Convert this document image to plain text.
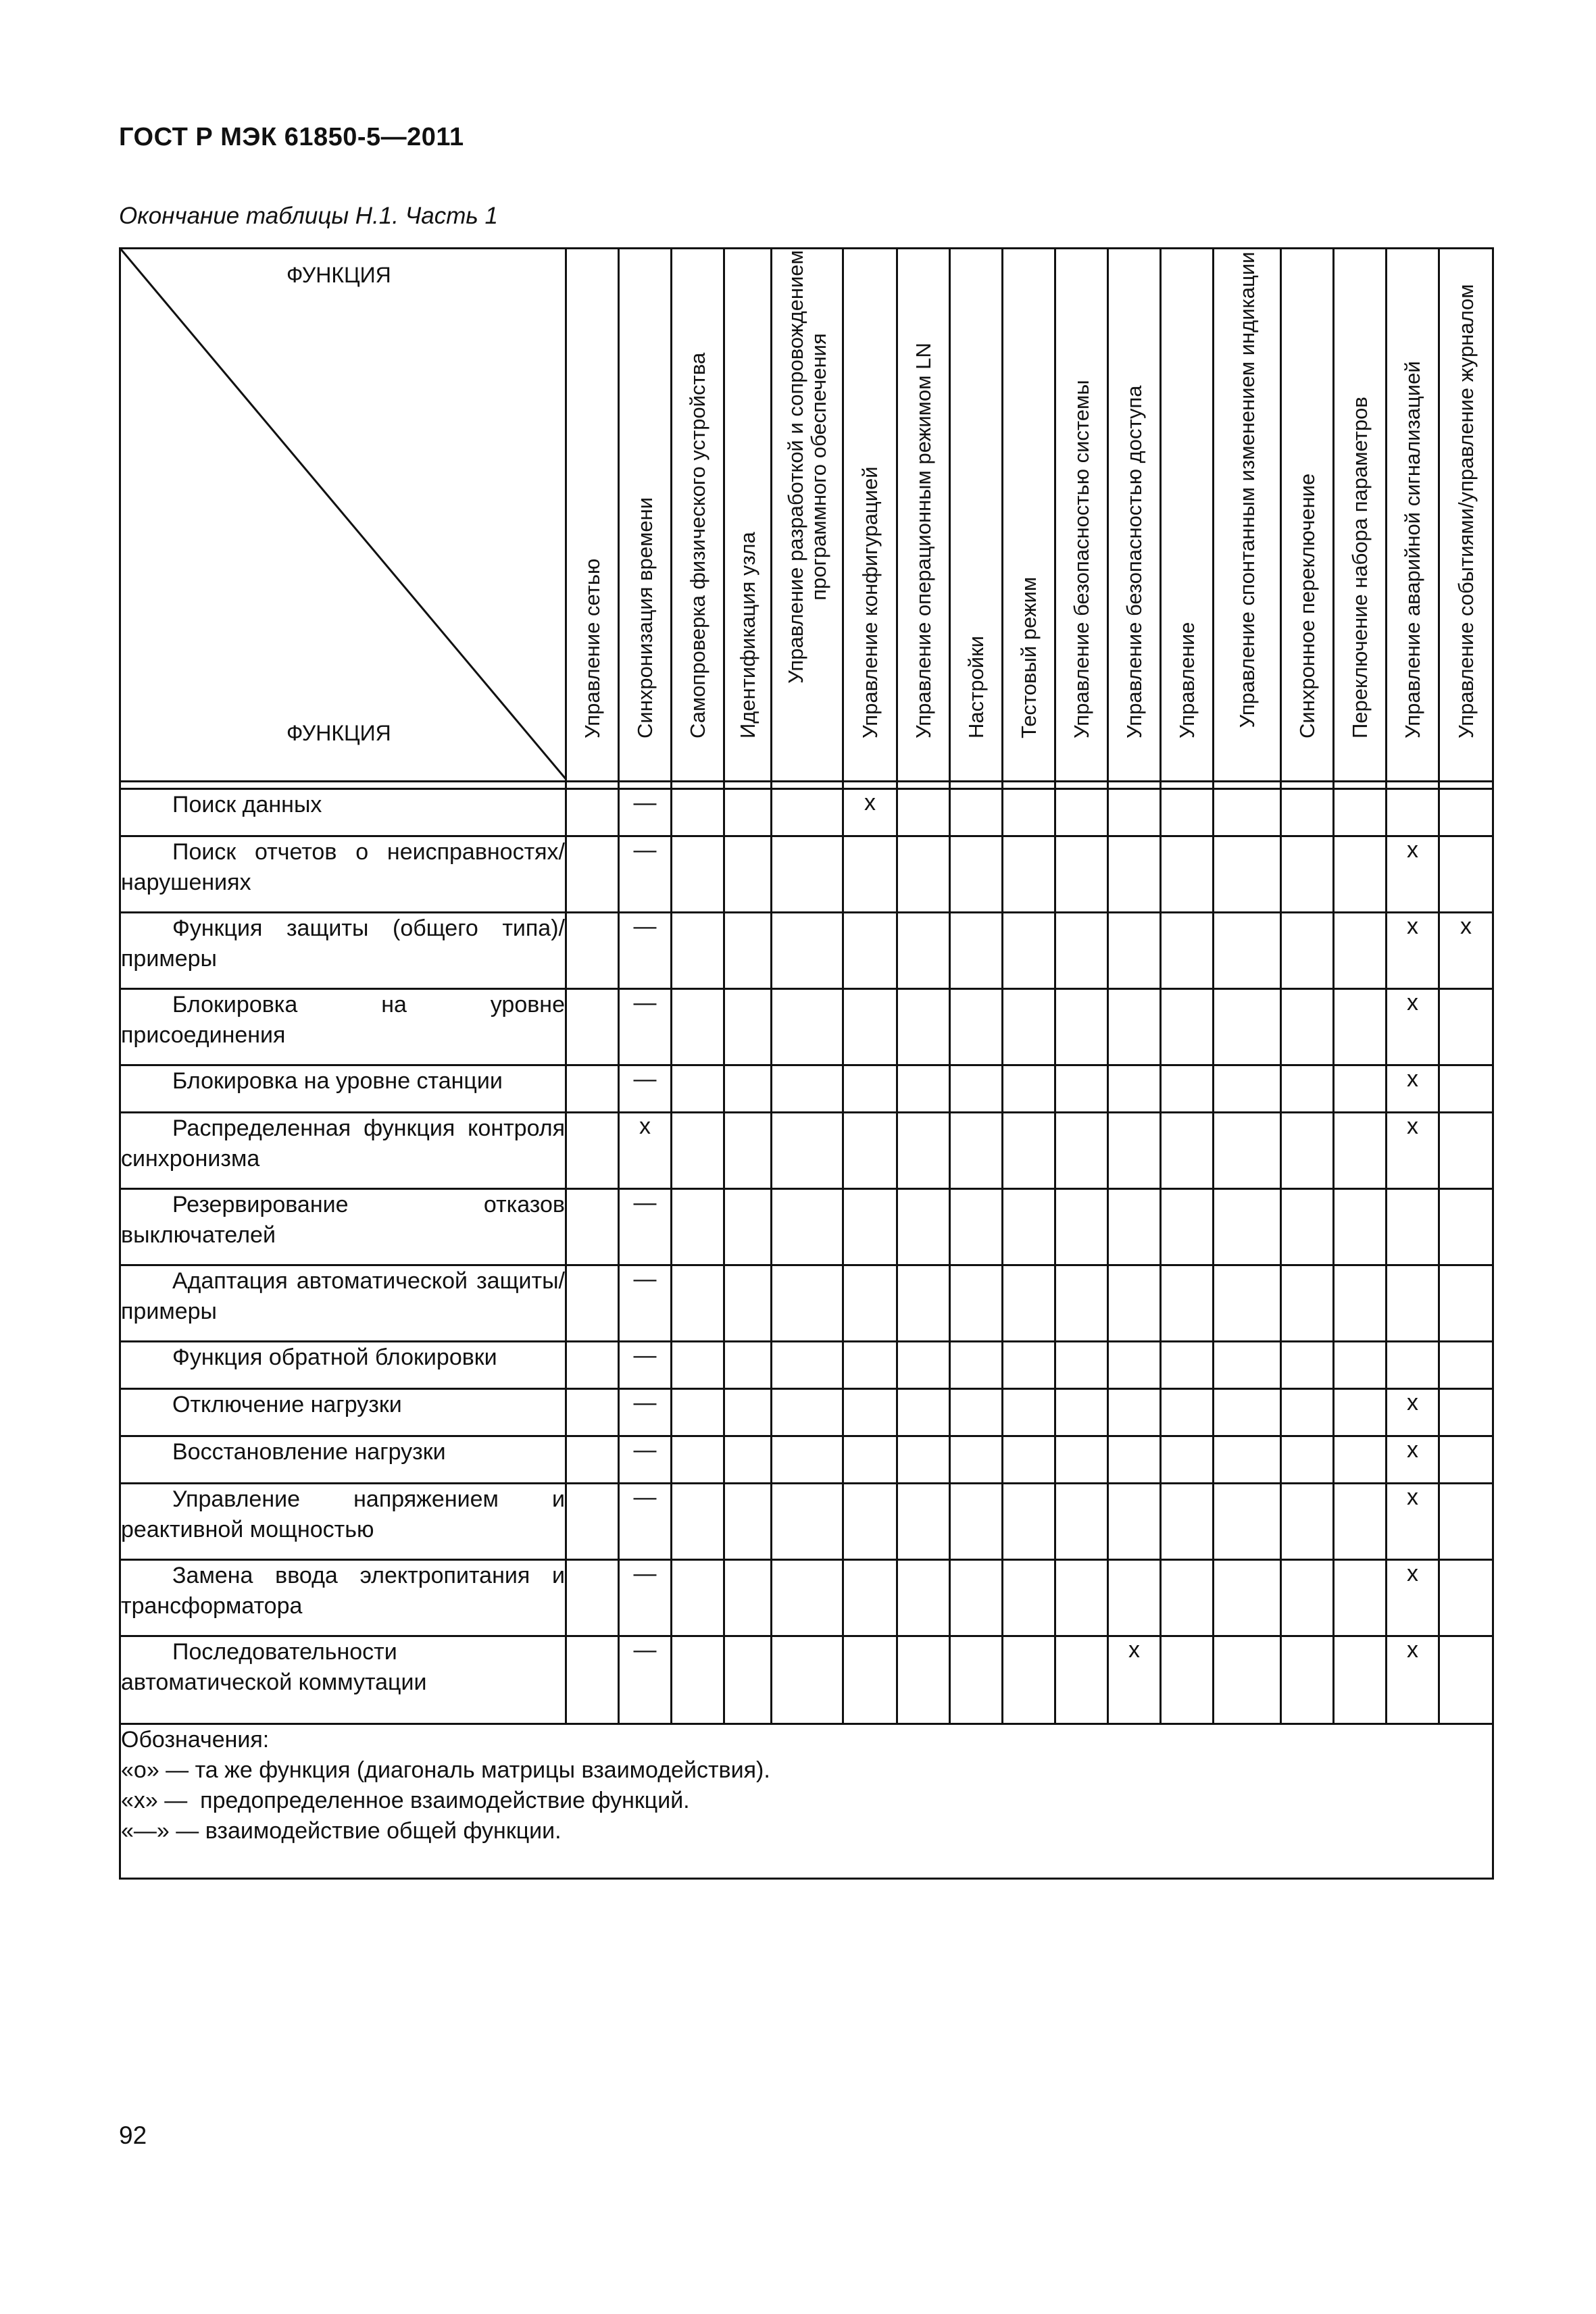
ГОСТ Р МЭК 61850-5—2011
Окончание таблицы Н.1. Часть 1
ФУНКЦИЯ
ФУНКЦИЯ	Управление сетью	Синхронизация времени	Самопроверка физического устройства	Идентификация узла	Управление разработкой и сопровождением программного обеспечения	Управление конфигурацией	Управление операционным режимом LN	Настройки	Тестовый режим	Управление безопасностью системы	Управление безопасностью доступа	Управление	Управление спонтанным изменением индикации	Синхронное переключение	Переключение набора параметров	Управление аварийной сигнализацией	Управление событиями/управление журналом

Поиск данных		—				x											

Поиск отчетов о неисправностях/нарушениях		—														x	

Функция защиты (общего типа)/примеры		—														x	x

Блокировка на уровне присоединения		—														x	

Блокировка на уровне станции		—														x	

Распределенная функция контроля синхронизма		x														x	

Резервирование отказов выключателей		—															

Адаптация автоматической защиты/примеры		—															

Функция обратной блокировки		—															

Отключение нагрузки		—														x	

Восстановление нагрузки		—														x	

Управление напряжением и реактивной мощностью		—														x	

Замена ввода электропитания и трансформатора		—														x	

Последовательности автоматической коммутации		—									x					x	

Обозначения:
«о» — та же функция (диагональ матрицы взаимодействия).
«х» —  предопределенное взаимодействие функций.
«—» — взаимодействие общей функции.																	
92
